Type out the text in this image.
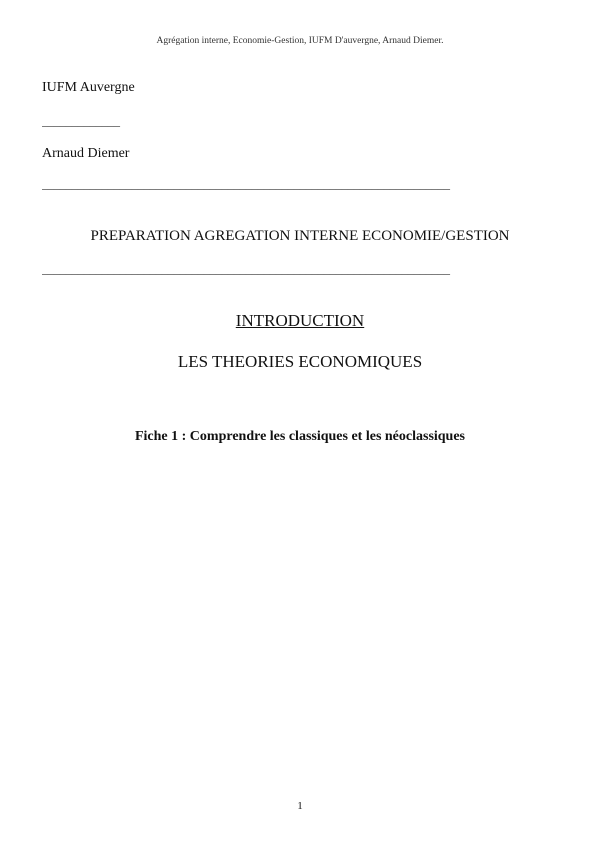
Agrégation interne, Economie-Gestion, IUFM D'auvergne, Arnaud Diemer.
IUFM Auvergne
_____________
Arnaud Diemer
____________________________________________________________________
PREPARATION AGREGATION INTERNE ECONOMIE/GESTION
____________________________________________________________________
INTRODUCTION
LES THEORIES ECONOMIQUES
Fiche 1 : Comprendre les classiques et les néoclassiques
1
